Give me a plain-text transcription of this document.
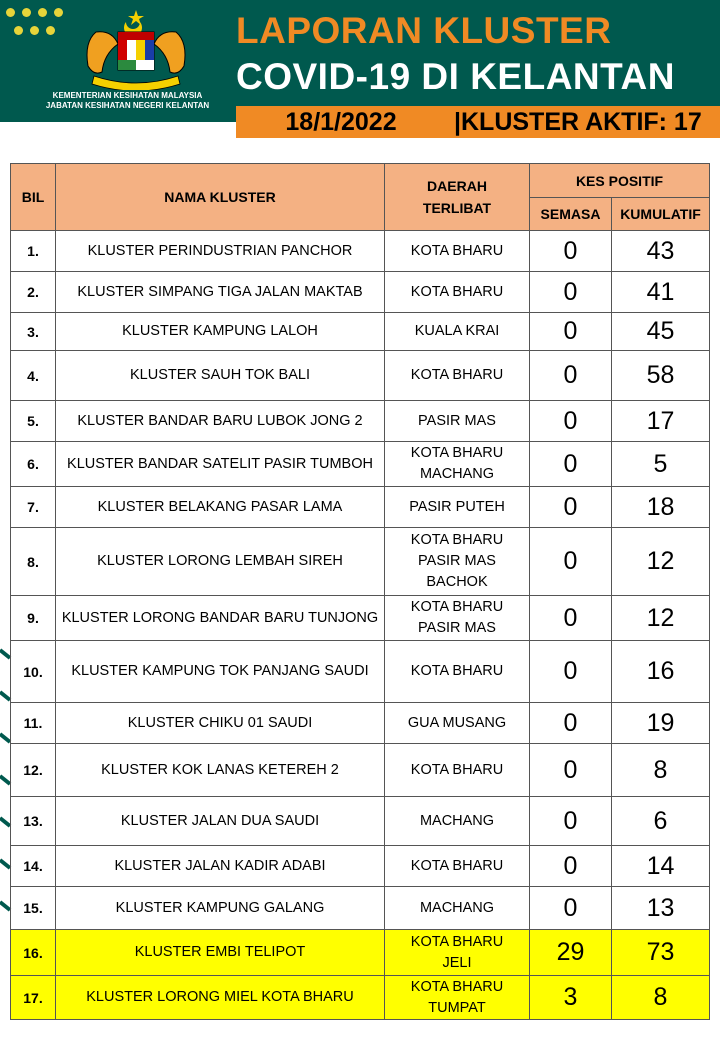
KEMENTERIAN KESIHATAN MALAYSIA
JABATAN KESIHATAN NEGERI KELANTAN
LAPORAN KLUSTER
COVID-19 DI KELANTAN
18/1/2022	|KLUSTER AKTIF: 17
BIL	NAMA KLUSTER	DAERAH TERLIBAT	KES POSITIF	
			SEMASA	KUMULATIF
1.	KLUSTER PERINDUSTRIAN PANCHOR	KOTA BHARU	0	43
2.	KLUSTER SIMPANG TIGA JALAN MAKTAB	KOTA BHARU	0	41
3.	KLUSTER KAMPUNG LALOH	KUALA KRAI	0	45
4.	KLUSTER SAUH TOK BALI	KOTA BHARU	0	58
5.	KLUSTER BANDAR BARU LUBOK JONG 2	PASIR MAS	0	17
6.	KLUSTER BANDAR SATELIT PASIR TUMBOH	KOTA BHARU
MACHANG	0	5
7.	KLUSTER BELAKANG PASAR LAMA	PASIR PUTEH	0	18
8.	KLUSTER LORONG LEMBAH SIREH	KOTA BHARU
PASIR MAS
BACHOK	0	12
9.	KLUSTER LORONG BANDAR BARU TUNJONG	KOTA BHARU
PASIR MAS	0	12
10.	KLUSTER KAMPUNG TOK PANJANG SAUDI	KOTA BHARU	0	16
11.	KLUSTER CHIKU 01 SAUDI	GUA MUSANG	0	19
12.	KLUSTER KOK LANAS KETEREH 2	KOTA BHARU	0	8
13.	KLUSTER JALAN DUA SAUDI	MACHANG	0	6
14.	KLUSTER JALAN KADIR ADABI	KOTA BHARU	0	14
15.	KLUSTER KAMPUNG GALANG	MACHANG	0	13
16.	KLUSTER EMBI TELIPOT	KOTA BHARU
JELI	29	73
17.	KLUSTER LORONG MIEL KOTA BHARU	KOTA BHARU
TUMPAT	3	8
